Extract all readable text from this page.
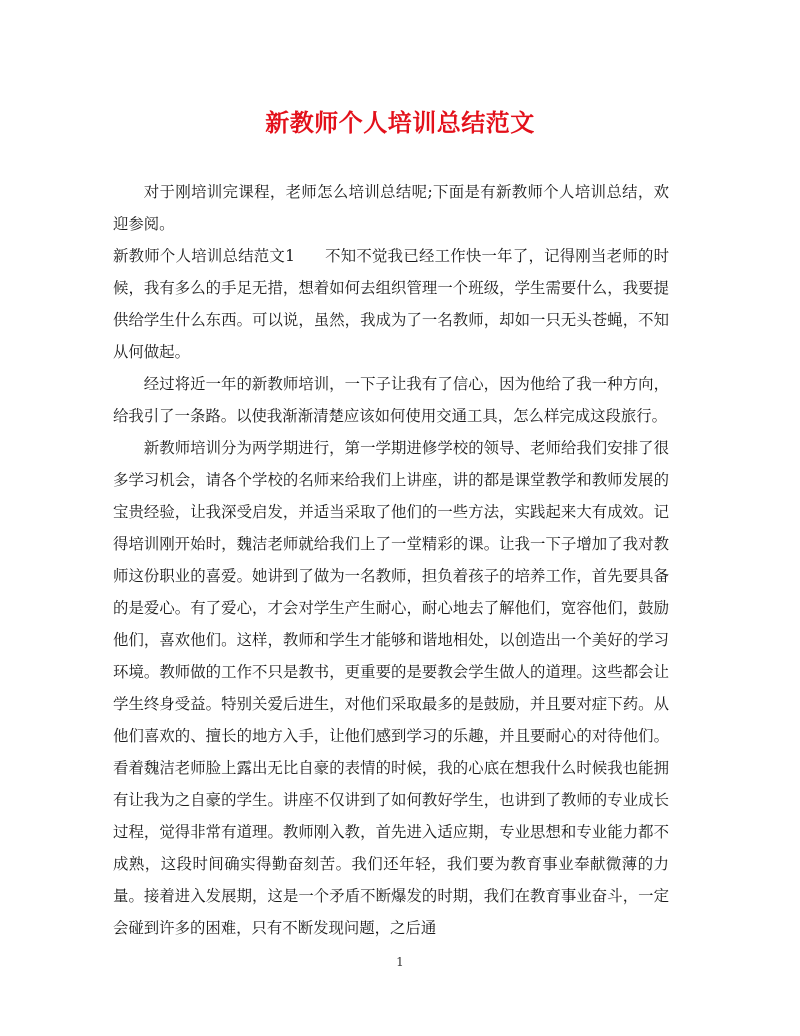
新教师个人培训总结范文

对于刚培训完课程，老师怎么培训总结呢;下面是有新教师个人培训总结，欢迎参阅。

新教师个人培训总结范文1 不知不觉我已经工作快一年了，记得刚当老师的时候，我有多么的手足无措，想着如何去组织管理一个班级，学生需要什么，我要提供给学生什么东西。可以说，虽然，我成为了一名教师，却如一只无头苍蝇，不知从何做起。

经过将近一年的新教师培训，一下子让我有了信心，因为他给了我一种方向，给我引了一条路。以使我渐渐清楚应该如何使用交通工具，怎么样完成这段旅行。

新教师培训分为两学期进行，第一学期进修学校的领导、老师给我们安排了很多学习机会，请各个学校的名师来给我们上讲座，讲的都是课堂教学和教师发展的宝贵经验，让我深受启发，并适当采取了他们的一些方法，实践起来大有成效。记得培训刚开始时，魏洁老师就给我们上了一堂精彩的课。让我一下子增加了我对教师这份职业的喜爱。她讲到了做为一名教师，担负着孩子的培养工作，首先要具备的是爱心。有了爱心，才会对学生产生耐心，耐心地去了解他们，宽容他们，鼓励他们，喜欢他们。这样，教师和学生才能够和谐地相处，以创造出一个美好的学习环境。教师做的工作不只是教书，更重要的是要教会学生做人的道理。这些都会让学生终身受益。特别关爱后进生，对他们采取最多的是鼓励，并且要对症下药。从他们喜欢的、擅长的地方入手，让他们感到学习的乐趣，并且要耐心的对待他们。看着魏洁老师脸上露出无比自豪的表情的时候，我的心底在想我什么时候我也能拥有让我为之自豪的学生。讲座不仅讲到了如何教好学生，也讲到了教师的专业成长过程，觉得非常有道理。教师刚入教，首先进入适应期，专业思想和专业能力都不成熟，这段时间确实得勤奋刻苦。我们还年轻，我们要为教育事业奉献微薄的力量。接着进入发展期，这是一个矛盾不断爆发的时期，我们在教育事业奋斗，一定会碰到许多的困难，只有不断发现问题，之后通

1
